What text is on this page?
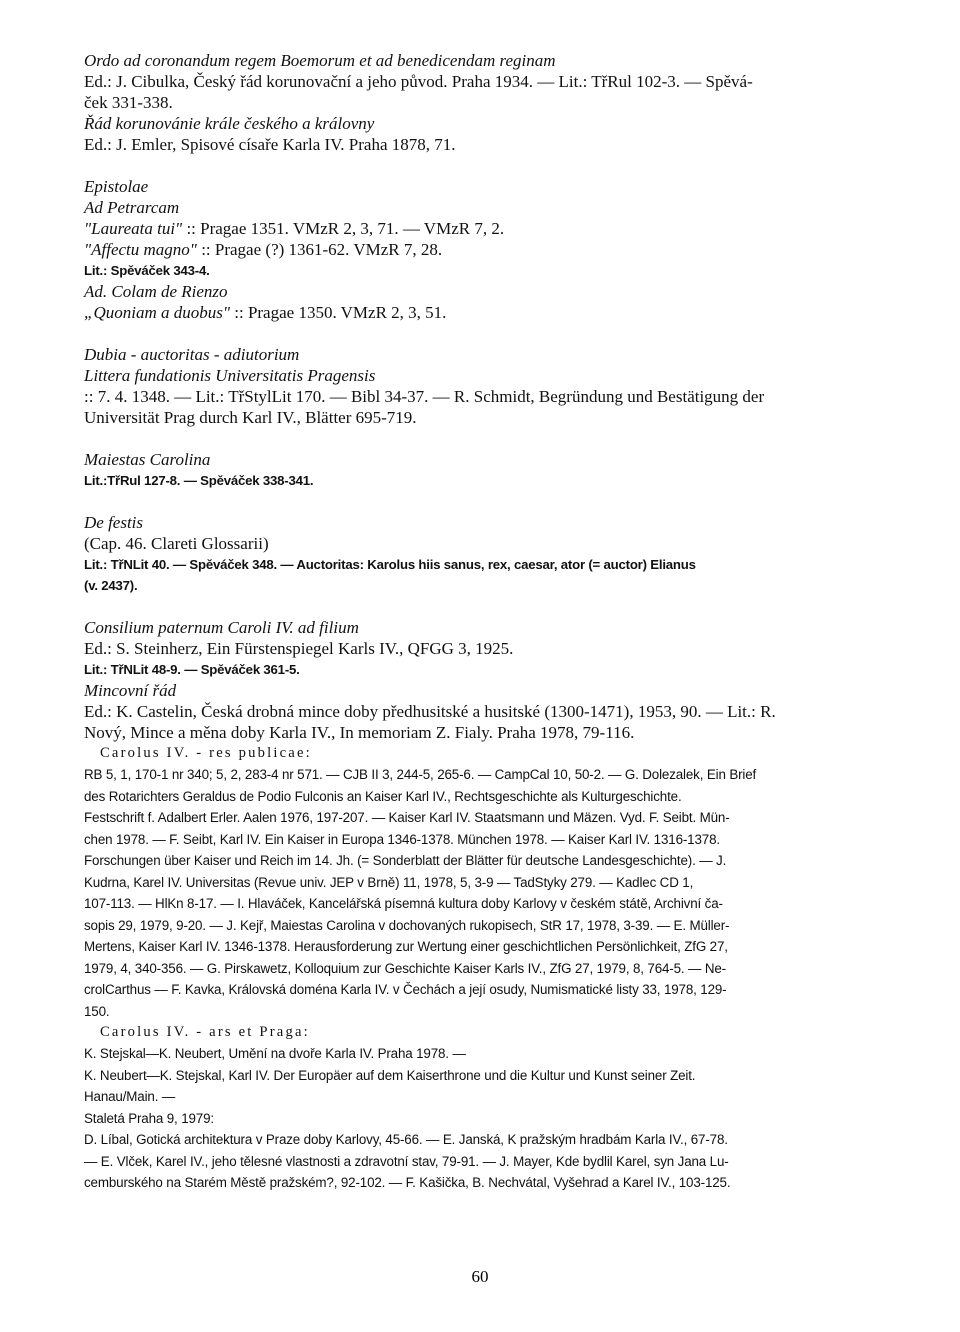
Ordo ad coronandum regem Boemorum et ad benedicendam reginam
Ed.: J. Cibulka, Český řád korunovační a jeho původ. Praha 1934. — Lit.: TřRul 102-3. — Spěvá-
ček 331-338.
Řád korunovánie krále českého a královny
Ed.: J. Emler, Spisové císaře Karla IV. Praha 1878, 71.
Epistolae
Ad Petrarcam
"Laureata tui" :: Pragae 1351. VMzR 2, 3, 71. — VMzR 7, 2.
"Affectu magno" :: Pragae (?) 1361-62. VMzR 7, 28.
Lit.: Spěváček 343-4.
Ad. Colam de Rienzo
„Quoniam a duobus" :: Pragae 1350. VMzR 2, 3, 51.
Dubia - auctoritas - adiutorium
Littera fundationis Universitatis Pragensis
:: 7. 4. 1348. — Lit.: TřStylLit 170. — Bibl 34-37. — R. Schmidt, Begründung und Bestätigung der
Universität Prag durch Karl IV., Blätter 695-719.
Maiestas Carolina
Lit.:TřRul 127-8. — Spěváček 338-341.
De festis
(Cap. 46. Clareti Glossarii)
Lit.: TřNLit 40. — Spěváček 348. — Auctoritas: Karolus hiis sanus, rex, caesar, ator (= auctor) Elianus
(v. 2437).
Consilium paternum Caroli IV. ad filium
Ed.: S. Steinherz, Ein Fürstenspiegel Karls IV., QFGG 3, 1925.
Lit.: TřNLit 48-9. — Spěváček 361-5.
Mincovní řád
Ed.: K. Castelin, Česká drobná mince doby předhusitské a husitské (1300-1471), 1953, 90. — Lit.: R.
Nový, Mince a měna doby Karla IV., In memoriam Z. Fialy. Praha 1978, 79-116.
Carolus IV. - res publicae:
RB 5, 1, 170-1 nr 340; 5, 2, 283-4 nr 571. — CJB II 3, 244-5, 265-6. — CampCal 10, 50-2. — G. Dolezalek, Ein Brief
des Rotarichters Geraldus de Podio Fulconis an Kaiser Karl IV., Rechtsgeschichte als Kulturgeschichte.
Festschrift f. Adalbert Erler. Aalen 1976, 197-207. — Kaiser Karl IV. Staatsmann und Mäzen. Vyd. F. Seibt. Mün-
chen 1978. — F. Seibt, Karl IV. Ein Kaiser in Europa 1346-1378. München 1978. — Kaiser Karl IV. 1316-1378.
Forschungen über Kaiser und Reich im 14. Jh. (= Sonderblatt der Blätter für deutsche Landesgeschichte). — J.
Kudrna, Karel IV. Universitas (Revue univ. JEP v Brně) 11, 1978, 5, 3-9 — TadStyky 279. — Kadlec CD 1,
107-113. — HlKn 8-17. — I. Hlaváček, Kancelářská písemná kultura doby Karlovy v českém státě, Archivní ča-
sopis 29, 1979, 9-20. — J. Kejř, Maiestas Carolina v dochovaných rukopisech, StR 17, 1978, 3-39. — E. Müller-
Mertens, Kaiser Karl IV. 1346-1378. Herausforderung zur Wertung einer geschichtlichen Persönlichkeit, ZfG 27,
1979, 4, 340-356. — G. Pirskawetz, Kolloquium zur Geschichte Kaiser Karls IV., ZfG 27, 1979, 8, 764-5. — Ne-
crolCarthus — F. Kavka, Královská doména Karla IV. v Čechách a její osudy, Numismatické listy 33, 1978, 129-
150.
Carolus IV. - ars et Praga:
K. Stejskal—K. Neubert, Umění na dvoře Karla IV. Praha 1978. —
K. Neubert—K. Stejskal, Karl IV. Der Europäer auf dem Kaiserthrone und die Kultur und Kunst seiner Zeit.
Hanau/Main. —
Staletá Praha 9, 1979:
D. Líbal, Gotická architektura v Praze doby Karlovy, 45-66. — E. Janská, K pražským hradbám Karla IV., 67-78.
— E. Vlček, Karel IV., jeho tělesné vlastnosti a zdravotní stav, 79-91. — J. Mayer, Kde bydlil Karel, syn Jana Lu-
cemburského na Starém Městě pražském?, 92-102. — F. Kašička, B. Nechvátal, Vyšehrad a Karel IV., 103-125.
60
